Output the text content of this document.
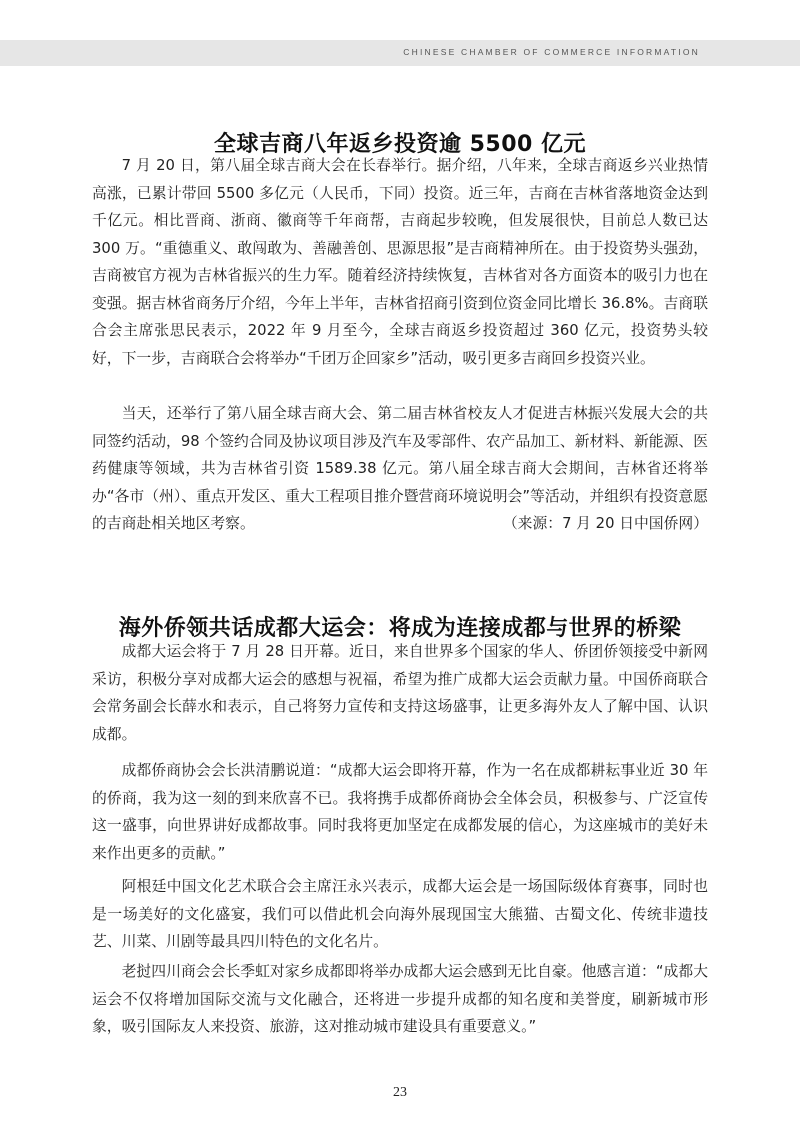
CHINESE CHAMBER OF COMMERCE INFORMATION
全球吉商八年返乡投资逾 5500 亿元

7 月 20 日，第八届全球吉商大会在长春举行。据介绍，八年来，全球吉商返乡兴业热情高涨，已累计带回 5500 多亿元（人民币，下同）投资。近三年，吉商在吉林省落地资金达到千亿元。相比晋商、浙商、徽商等千年商帮，吉商起步较晚，但发展很快，目前总人数已达 300 万。“重德重义、敢闯敢为、善融善创、思源思报”是吉商精神所在。由于投资势头强劲，吉商被官方视为吉林省振兴的生力军。随着经济持续恢复，吉林省对各方面资本的吸引力也在变强。据吉林省商务厅介绍，今年上半年，吉林省招商引资到位资金同比增长 36.8%。吉商联合会主席张思民表示，2022 年 9 月至今，全球吉商返乡投资超过 360 亿元，投资势头较好，下一步，吉商联合会将举办“千团万企回家乡”活动，吸引更多吉商回乡投资兴业。

当天，还举行了第八届全球吉商大会、第二届吉林省校友人才促进吉林振兴发展大会的共同签约活动，98 个签约合同及协议项目涉及汽车及零部件、农产品加工、新材料、新能源、医药健康等领域，共为吉林省引资 1589.38 亿元。第八届全球吉商大会期间，吉林省还将举办“各市（州）、重点开发区、重大工程项目推介暨营商环境说明会”等活动，并组织有投资意愿的吉商赴相关地区考察。	（来源：7 月 20 日中国侨网）

海外侨领共话成都大运会：将成为连接成都与世界的桥梁

成都大运会将于 7 月 28 日开幕。近日，来自世界多个国家的华人、侨团侨领接受中新网采访，积极分享对成都大运会的感想与祝福，希望为推广成都大运会贡献力量。中国侨商联合会常务副会长薛水和表示，自己将努力宣传和支持这场盛事，让更多海外友人了解中国、认识成都。

成都侨商协会会长洪清鹏说道：“成都大运会即将开幕，作为一名在成都耕耘事业近 30 年的侨商，我为这一刻的到来欣喜不已。我将携手成都侨商协会全体会员，积极参与、广泛宣传这一盛事，向世界讲好成都故事。同时我将更加坚定在成都发展的信心，为这座城市的美好未来作出更多的贡献。”

阿根廷中国文化艺术联合会主席汪永兴表示，成都大运会是一场国际级体育赛事，同时也是一场美好的文化盛宴，我们可以借此机会向海外展现国宝大熊猫、古蜀文化、传统非遗技艺、川菜、川剧等最具四川特色的文化名片。

老挝四川商会会长季虹对家乡成都即将举办成都大运会感到无比自豪。他感言道：“成都大运会不仅将增加国际交流与文化融合，还将进一步提升成都的知名度和美誉度，刷新城市形象，吸引国际友人来投资、旅游，这对推动城市建设具有重要意义。”

23
